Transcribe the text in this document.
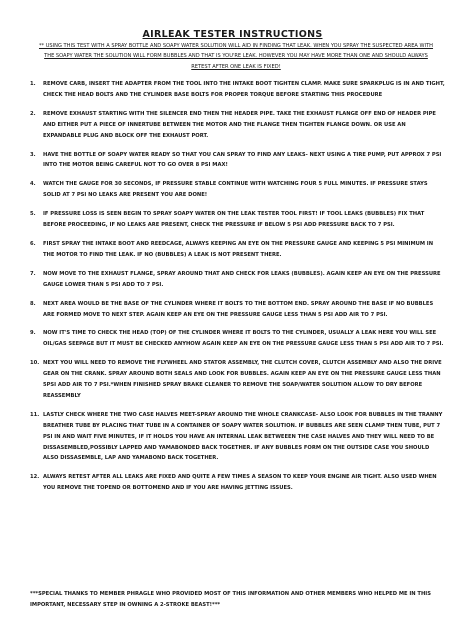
AIRLEAK TESTER INSTRUCTIONS
** USING THIS TEST WITH A SPRAY BOTTLE AND SOAPY WATER SOLUTION WILL AID IN FINDING THAT LEAK. WHEN YOU SPRAY THE SUSPECTED AREA WITH THE SOAPY WATER THE SOLUTION WILL FORM BUBBLES AND THAT IS YOU'RE LEAK. HOWEVER YOU MAY HAVE MORE THAN ONE AND SHOULD ALWAYS RETEST AFTER ONE LEAK IS FIXED!
1. REMOVE CARB, INSERT THE ADAPTER FROM THE TOOL INTO THE INTAKE BOOT TIGHTEN CLAMP. MAKE SURE SPARKPLUG IS IN AND TIGHT, CHECK THE HEAD BOLTS AND THE CYLINDER BASE BOLTS FOR PROPER TORQUE BEFORE STARTING THIS PROCEDURE
2. REMOVE EXHAUST STARTING WITH THE SILENCER END THEN THE HEADER PIPE. TAKE THE EXHAUST FLANGE OFF END OF HEADER PIPE AND EITHER PUT A PIECE OF INNERTUBE BETWEEN THE MOTOR AND THE FLANGE THEN TIGHTEN FLANGE DOWN. OR USE AN EXPANDABLE PLUG AND BLOCK OFF THE EXHAUST PORT.
3. HAVE THE BOTTLE OF SOAPY WATER READY SO THAT YOU CAN SPRAY TO FIND ANY LEAKS- NEXT USING A TIRE PUMP, PUT APPROX 7 PSI INTO THE MOTOR BEING CAREFUL NOT TO GO OVER 8 PSI MAX!
4. WATCH THE GAUGE FOR 30 SECONDS, IF PRESSURE STABLE CONTINUE WITH WATCHING FOUR 5 FULL MINUTES. IF PRESSURE STAYS SOLID AT 7 PSI NO LEAKS ARE PRESENT YOU ARE DONE!
5. IF PRESSURE LOSS IS SEEN BEGIN TO SPRAY SOAPY WATER ON THE LEAK TESTER TOOL FIRST! IF TOOL LEAKS (BUBBLES) FIX THAT BEFORE PROCEEDING, IF NO LEAKS ARE PRESENT, CHECK THE PRESSURE IF BELOW 5 PSI ADD PRESSURE BACK TO 7 PSI.
6. FIRST SPRAY THE INTAKE BOOT AND REEDCAGE, ALWAYS KEEPING AN EYE ON THE PRESSURE GAUGE AND KEEPING 5 PSI MINIMUM IN THE MOTOR TO FIND THE LEAK. IF NO (BUBBLES) A LEAK IS NOT PRESENT THERE.
7. NOW MOVE TO THE EXHAUST FLANGE, SPRAY AROUND THAT AND CHECK FOR LEAKS (BUBBLES). AGAIN KEEP AN EYE ON THE PRESSURE GAUGE LOWER THAN 5 PSI ADD TO 7 PSI.
8. NEXT AREA WOULD BE THE BASE OF THE CYLINDER WHERE IT BOLTS TO THE BOTTOM END. SPRAY AROUND THE BASE IF NO BUBBLES ARE FORMED MOVE TO NEXT STEP. AGAIN KEEP AN EYE ON THE PRESSURE GAUGE LESS THAN 5 PSI ADD AIR TO 7 PSI.
9. NOW IT'S TIME TO CHECK THE HEAD (TOP) OF THE CYLINDER WHERE IT BOLTS TO THE CYLINDER, USUALLY A LEAK HERE YOU WILL SEE OIL/GAS SEEPAGE BUT IT MUST BE CHECKED ANYHOW AGAIN KEEP AN EYE ON THE PRESSURE GAUGE LESS THAN 5 PSI ADD AIR TO 7 PSI.
10. NEXT YOU WILL NEED TO REMOVE THE FLYWHEEL AND STATOR ASSEMBLY, THE CLUTCH COVER, CLUTCH ASSEMBLY AND ALSO THE DRIVE GEAR ON THE CRANK. SPRAY AROUND BOTH SEALS AND LOOK FOR BUBBLES. AGAIN KEEP AN EYE ON THE PRESSURE GAUGE LESS THAN 5PSI ADD AIR TO 7 PSI.*WHEN FINISHED SPRAY BRAKE CLEANER TO REMOVE THE SOAP/WATER SOLUTION ALLOW TO DRY BEFORE REASSEMBLY
11. LASTLY CHECK WHERE THE TWO CASE HALVES MEET-SPRAY AROUND THE WHOLE CRANKCASE- ALSO LOOK FOR BUBBLES IN THE TRANNY BREATHER TUBE BY PLACING THAT TUBE IN A CONTAINER OF SOAPY WATER SOLUTION. IF BUBBLES ARE SEEN CLAMP THEN TUBE, PUT 7 PSI IN AND WAIT FIVE MINUTES, IF IT HOLDS YOU HAVE AN INTERNAL LEAK BETWEEEN THE CASE HALVES AND THEY WILL NEED TO BE DISSASEMBLED,POSSIBLY LAPPED AND YAMABONDED BACK TOGETHER. IF ANY BUBBLES FORM ON THE OUTSIDE CASE YOU SHOULD ALSO DISSASEMBLE, LAP AND YAMABOND BACK TOGETHER.
12. ALWAYS RETEST AFTER ALL LEAKS ARE FIXED AND QUITE A FEW TIMES A SEASON TO KEEP YOUR ENGINE AIR TIGHT. ALSO USED WHEN YOU REMOVE THE TOPEND OR BOTTOMEND AND IF YOU ARE HAVING JETTING ISSUES.
***SPECIAL THANKS TO MEMBER PHRAGLE WHO PROVIDED MOST OF THIS INFORMATION AND OTHER MEMBERS WHO HELPED ME IN THIS IMPORTANT, NECESSARY STEP IN OWNING A 2-STROKE BEAST!***
